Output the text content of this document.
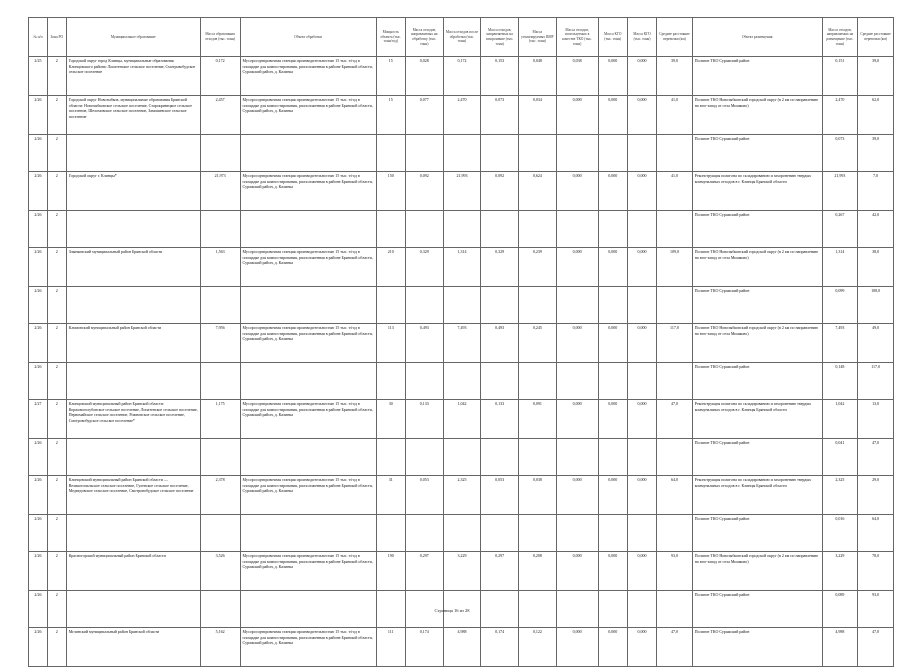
№ п/п	Зона РО	Муниципальное образование	Масса образования отходов (тыс. тонн)	Объект обработки	Мощность объекта (тыс. тонн/год)	Масса отходов, направляемых на обработку (тыс. тонн)	Масса отходов после обработки (тыс. тонн)	Масса отходов, направляемых на захоронение (тыс. тонн)	Масса утилизируемых ВМР (тыс. тонн)	Масса отходов, используемых в качестве ТКО (тыс. тонн)	Масса КГО (тыс. тонн)	Масса КГО (тыс. тонн)	Среднее расстояние перевозки (км)	Объект размещения	Масса отходов, направляемых на размещение (тыс. тонн)	Среднее расстояние перевозки (км)
2/25	2	Городской округ город Клинцы, муниципальные образования Клинцовского района: Лопатенское сельское поселение, Смотровобудское сельское поселение	0,172	Мусоросортировочная станция производительностью 15 тыс. т/год в площадке для компостирования, расположенная в районе Брянской области, Суражский район, д. Калинка	15	0,028	0,172	0,153	0,048	0,038	0,000	0,000	39,0	Полигон ТКО Суражский район	0,151	39,0
2/26	2	Городской округ Новозыбков, муниципальные образования Брянской области: Новозыбковское сельское поселение, Старокривецкое сельское поселение, Шеломовское сельское поселение, Замишевское сельское поселение	2,457	Мусоросортировочная станция производительностью 15 тыс. т/год в площадке для компостирования, расположенная в районе Брянской области, Суражский район, д. Калинка	15	0,077	2,470	0,073	0,034	0,000	0,000	0,000	41,0	Полигон ТКО Новозыбковский городской округ (в 2 км по направлению на юго-запад от села Мишково)	2,470	62,0
2/26	2													Полигон ТКО Суражский район	0,073	39,0
2/26	2	Городской округ г. Клинцы*	21,973	Мусоросортировочная станция производительностью 15 тыс. т/год в площадке для компостирования, расположенная в районе Брянской области, Суражский район, д. Калинка	150	0,092	21,993	0,092	0,624	0,000	0,000	0,000	41,0	Реконструкция полигона по складированию и захоронению твердых коммунальных отходов в г. Клинцы Брянской области	21,993	7,0
2/26	2													Полигон ТКО Суражский район	0,267	42,0
2/26	2	Злынковский муниципальный район Брянской области	1,563	Мусоросортировочная станция производительностью 15 тыс. т/год в площадке для компостирования, расположенная в районе Брянской области, Суражский район, д. Калинка	210	0,329	1,314	0,329	0,239	0,000	0,000	0,000	109,0	Полигон ТКО Новозыбковский городской округ (в 2 км по направлению на юго-запад от села Мишково)	1,314	38,0
2/26	2													Полигон ТКО Суражский район	0,099	108,0
2/26	2	Климовский муниципальный район Брянской области	7,956	Мусоросортировочная станция производительностью 15 тыс. т/год в площадке для компостирования, расположенная в районе Брянской области, Суражский район, д. Калинка	113	0,493	7,493	0,493	0,245	0,000	0,000	0,000	117,0	Полигон ТКО Новозыбковский городской округ (в 2 км по направлению на юго-запад от села Мишково)	7,493	49,0
2/26	2													Полигон ТКО Суражский район	0,148	117,0
2/27	2	Клинцовский муниципальный район Брянской области: Коржовоголубовское сельское поселение, Лопатенское сельское поселение, Первомайское сельское поселение, Рожновское сельское поселение, Смотровобудское сельское поселение*	1,175	Мусоросортировочная станция производительностью 15 тыс. т/год в площадке для компостирования, расположенная в районе Брянской области, Суражский район, д. Калинка	30	0,133	1,042	0,133	0,091	0,000	0,000	0,000	47,0	Реконструкция полигона по складированию и захоронению твердых коммунальных отходов в г. Клинцы Брянской области	1,042	13,0
2/26	2													Полигон ТКО Суражский район	0,041	47,0
2/26	2	Клинцовский муниципальный район Брянской области — Великотопальское сельское поселение, Гулевское сельское поселение, Медведовское сельское поселение, Смотровобудское сельское поселение	2,378	Мусоросортировочная станция производительностью 15 тыс. т/год в площадке для компостирования, расположенная в районе Брянской области, Суражский район, д. Калинка	31	0,053	2,325	0,053	0,038	0,000	0,000	0,000	64,0	Реконструкция полигона по складированию и захоронению твердых коммунальных отходов в г. Клинцы Брянской области	2,325	29,0
2/26	2													Полигон ТКО Суражский район	0,016	64,0
2/26	2	Красногорский муниципальный район Брянской области	3,526	Мусоросортировочная станция производительностью 15 тыс. т/год в площадке для компостирования, расположенная в районе Брянской области, Суражский район, д. Калинка	190	0,297	3,229	0,297	0,208	0,000	0,000	0,000	93,0	Полигон ТКО Новозыбковский городской округ (в 2 км по направлению на юго-запад от села Мишково)	3,229	78,0
2/26	2													Полигон ТКО Суражский район	0,089	93,0
2/26	2	Мглинский муниципальный район Брянской области	5,162	Мусоросортировочная станция производительностью 15 тыс. т/год в площадке для компостирования, расположенная в районе Брянской области, Суражский район, д. Калинка	111	0,174	4,988	0,174	0,122	0,000	0,000	0,000	47,0	Полигон ТКО Суражский район	4,988	47,0
Страница 16 из 28
